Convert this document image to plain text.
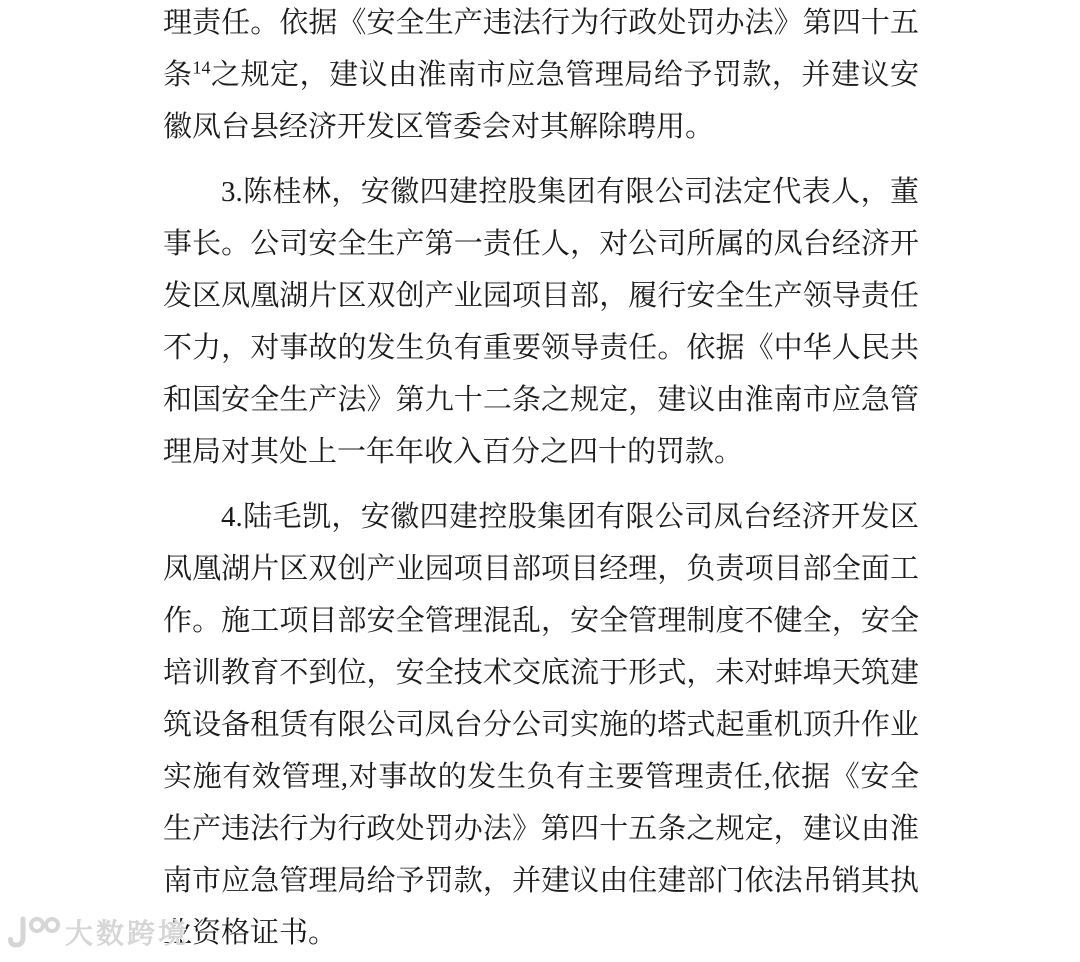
理责任。依据《安全生产违法行为行政处罚办法》第四十五条$^{14}$之规定，建议由淮南市应急管理局给予罚款，并建议安徽凤台县经济开发区管委会对其解除聘用。

3.陈桂林，安徽四建控股集团有限公司法定代表人，董事长。公司安全生产第一责任人，对公司所属的凤台经济开发区凤凰湖片区双创产业园项目部，履行安全生产领导责任不力，对事故的发生负有重要领导责任。依据《中华人民共和国安全生产法》第九十二条之规定，建议由淮南市应急管理局对其处上一年年收入百分之四十的罚款。

4.陆毛凯，安徽四建控股集团有限公司凤台经济开发区凤凰湖片区双创产业园项目部项目经理，负责项目部全面工作。施工项目部安全管理混乱，安全管理制度不健全，安全培训教育不到位，安全技术交底流于形式，未对蚌埠天筑建筑设备租赁有限公司凤台分公司实施的塔式起重机顶升作业实施有效管理,对事故的发生负有主要管理责任,依据《安全生产违法行为行政处罚办法》第四十五条之规定，建议由淮南市应急管理局给予罚款，并建议由住建部门依法吊销其执业资格证书。

大数跨境
